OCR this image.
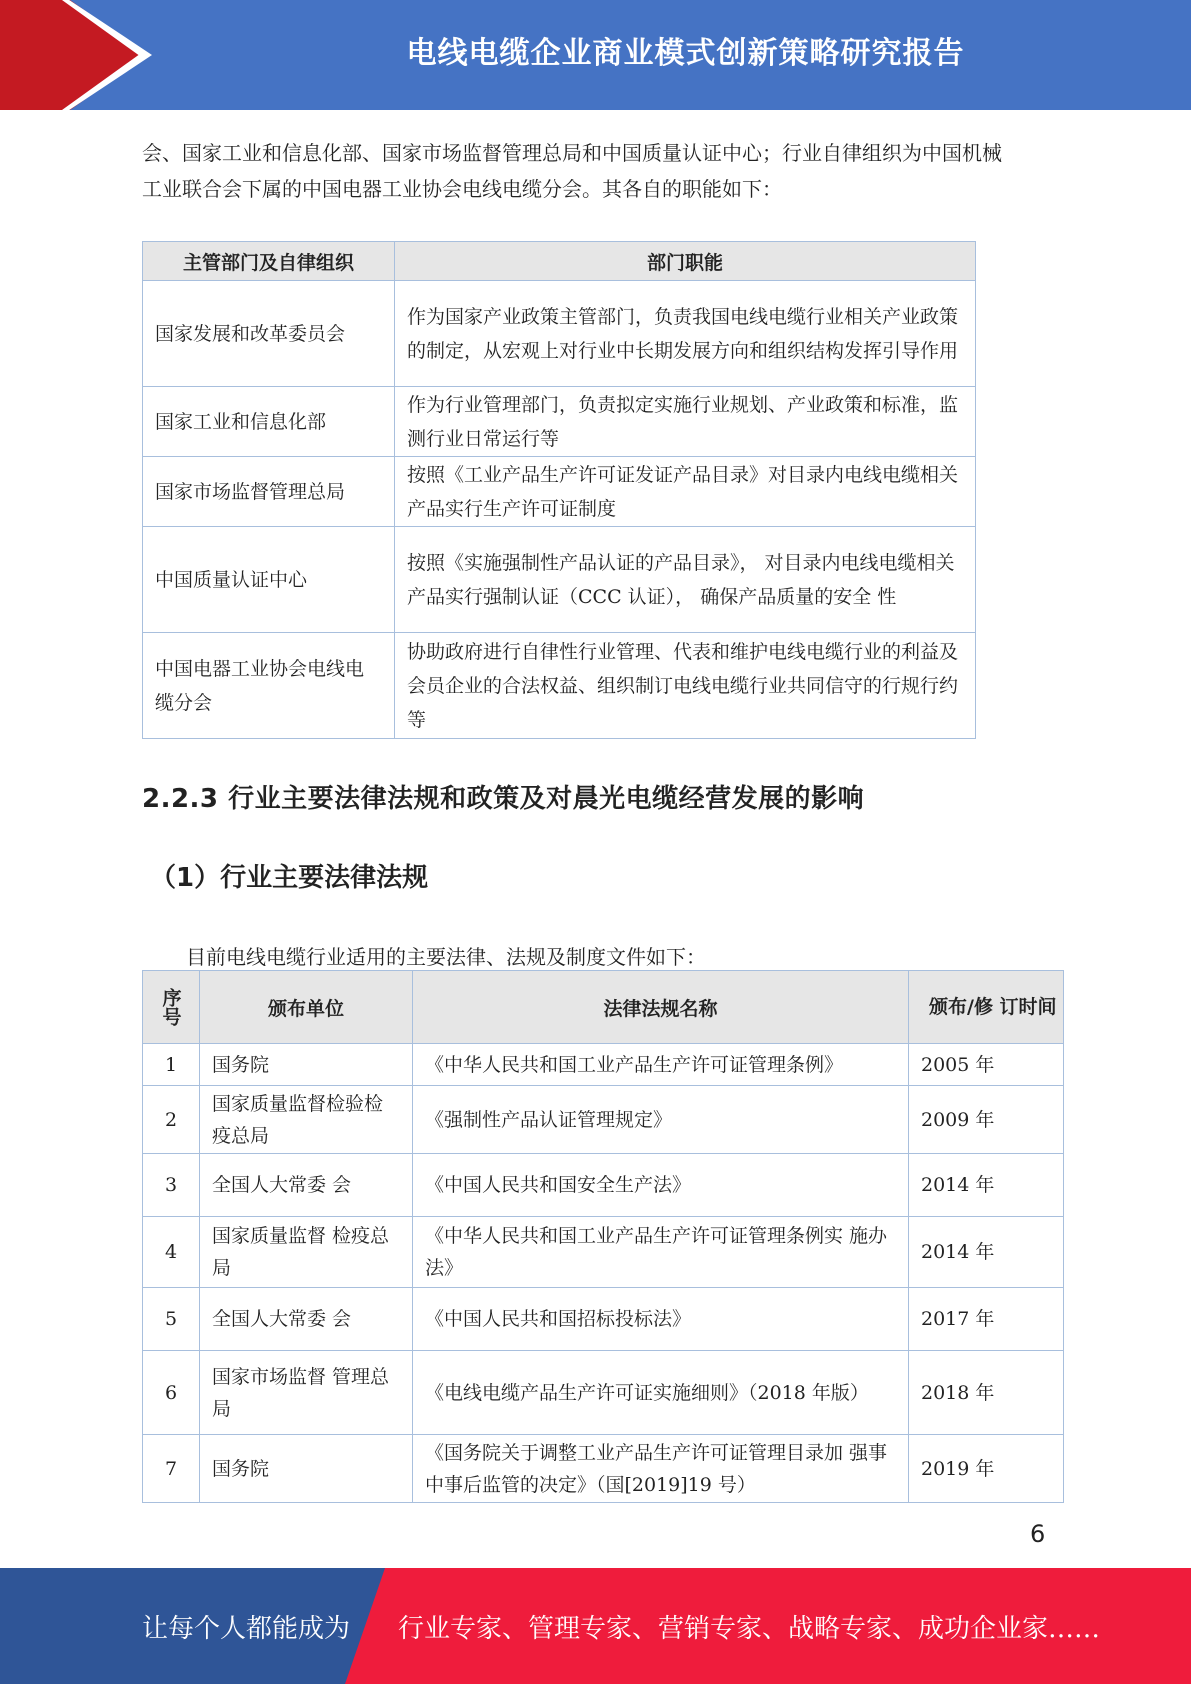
电线电缆企业商业模式创新策略研究报告

会、国家工业和信息化部、国家市场监督管理总局和中国质量认证中心；行业自律组织为中国机械

工业联合会下属的中国电器工业协会电线电缆分会。其各自的职能如下：

主管部门及自律组织	部门职能
国家发展和改革委员会	作为国家产业政策主管部门，负责我国电线电缆行业相关产业政策的制定，从宏观上对行业中长期发展方向和组织结构发挥引导作用
国家工业和信息化部	作为行业管理部门，负责拟定实施行业规划、产业政策和标准，监测行业日常运行等
国家市场监督管理总局	按照《工业产品生产许可证发证产品目录》对目录内电线电缆相关产品实行生产许可证制度
中国质量认证中心	按照《实施强制性产品认证的产品目录》， 对目录内电线电缆相关产品实行强制认证（CCC 认证）， 确保产品质量的安全 性
中国电器工业协会电线电缆分会	协助政府进行自律性行业管理、代表和维护电线电缆行业的利益及会员企业的合法权益、组织制订电线电缆行业共同信守的行规行约等
2.2.3 行业主要法律法规和政策及对晨光电缆经营发展的影响
（1）行业主要法律法规

目前电线电缆行业适用的主要法律、法规及制度文件如下：

序号	颁布单位	法律法规名称	颁布/修 订时间
1	国务院	《中华人民共和国工业产品生产许可证管理条例》	2005 年
2	国家质量监督检验检疫总局	《强制性产品认证管理规定》	2009 年
3	全国人大常委 会	《中国人民共和国安全生产法》	2014 年
4	国家质量监督 检疫总局	《中华人民共和国工业产品生产许可证管理条例实 施办法》	2014 年
5	全国人大常委 会	《中国人民共和国招标投标法》	2017 年
6	国家市场监督 管理总局	《电线电缆产品生产许可证实施细则》（2018 年版）	2018 年
7	国务院	《国务院关于调整工业产品生产许可证管理目录加 强事中事后监管的决定》（国[2019]19 号）	2019 年
6
让每个人都能成为 行业专家、管理专家、营销专家、战略专家、成功企业家……
